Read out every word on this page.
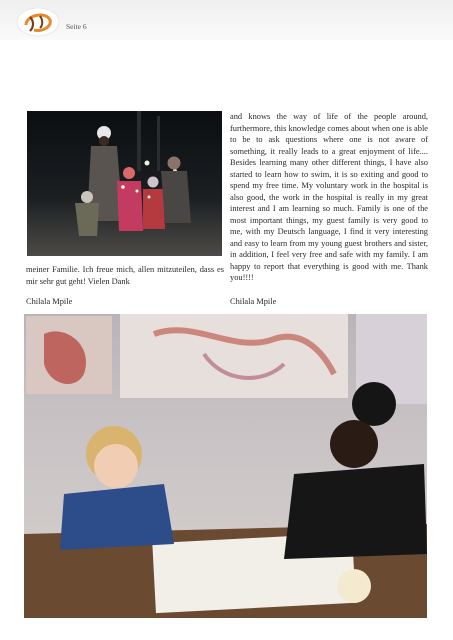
Seite 6

meiner Familie. Ich freue mich, allen mitzuteilen, dass es mir sehr gut geht! Vielen Dank

Chilala Mpile

and knows the way of life of the people around, furthermore, this knowledge comes about when one is able to be to ask questions where one is not aware of something, it really leads to a great enjoyment of life.... Besides learning many other different things, I have also started to learn how to swim, it is so exiting and good to spend my free time. My voluntary work in the hospital is also good, the work in the hospital is really in my great interest and I am learning so much. Family is one of the most important things, my guest family is very good to me, with my Deutsch language, I find it very interesting and easy to learn from my young guest brothers and sister, in addition, I feel very free and safe with my family. I am happy to report that everything is good with me. Thank you!!!!

Chilala Mpile
